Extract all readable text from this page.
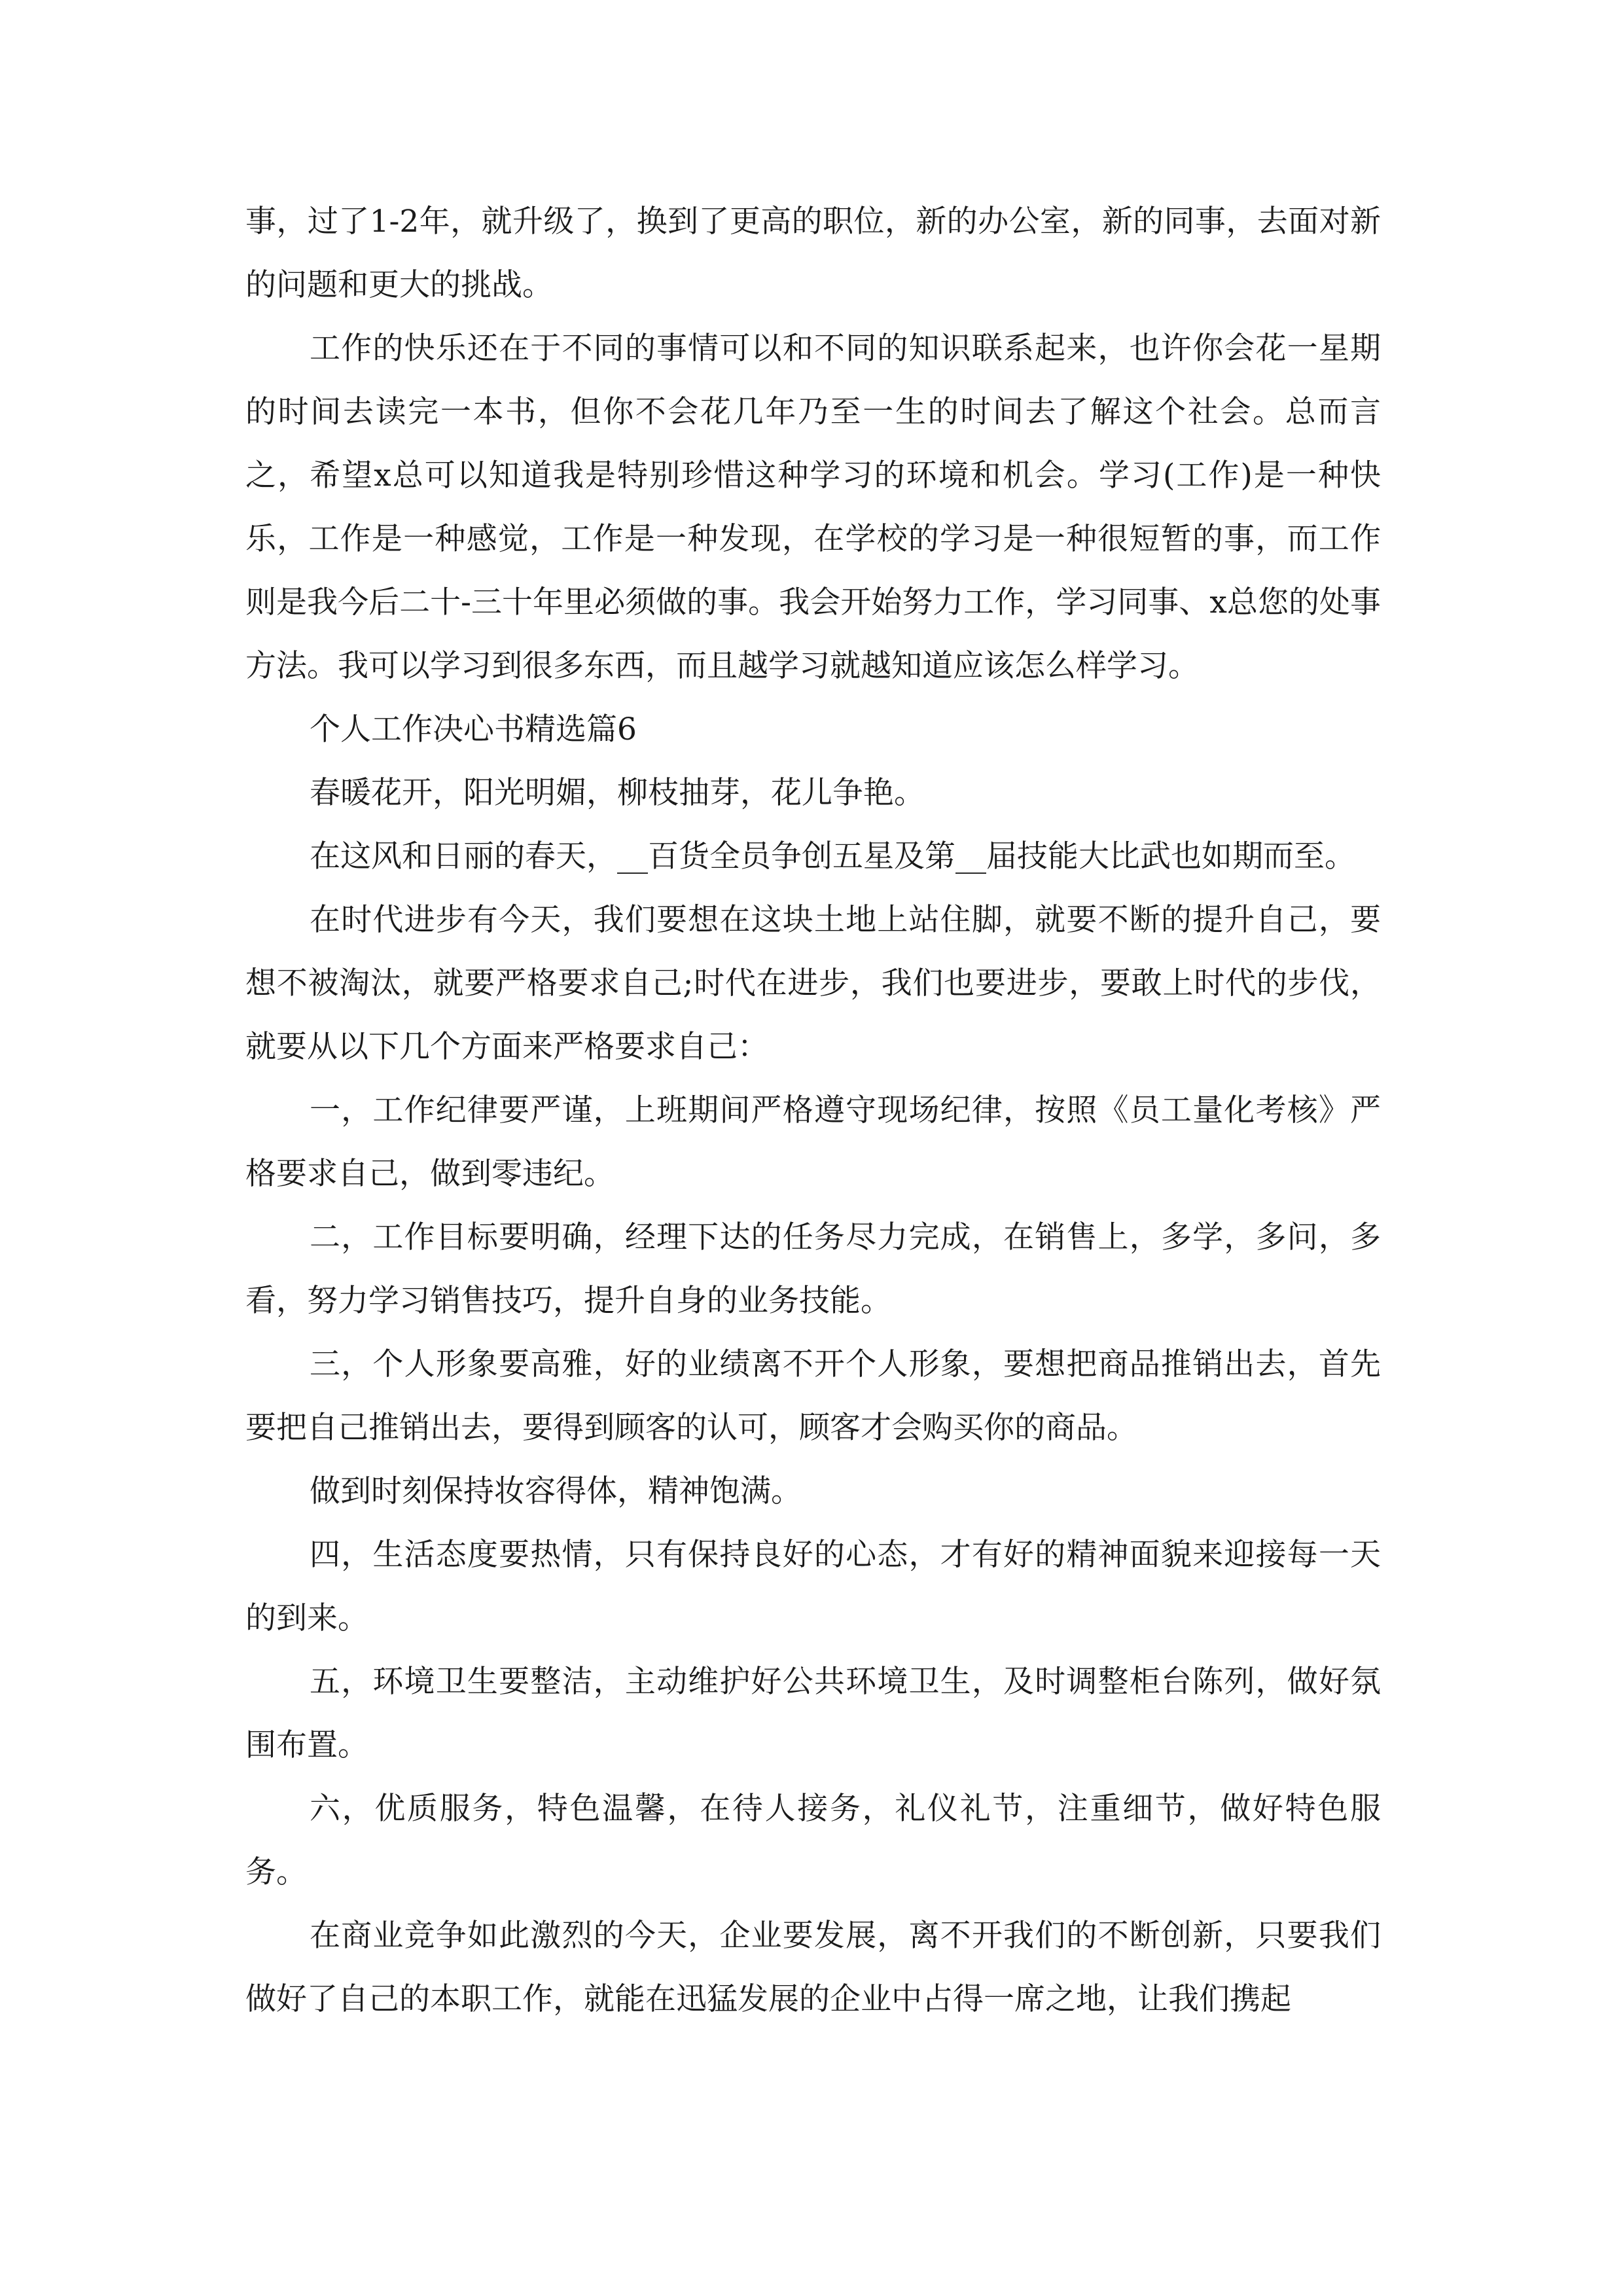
事，过了1-2年，就升级了，换到了更高的职位，新的办公室，新的同事，去面对新的问题和更大的挑战。

工作的快乐还在于不同的事情可以和不同的知识联系起来，也许你会花一星期的时间去读完一本书，但你不会花几年乃至一生的时间去了解这个社会。总而言之，希望x总可以知道我是特别珍惜这种学习的环境和机会。学习(工作)是一种快乐，工作是一种感觉，工作是一种发现，在学校的学习是一种很短暂的事，而工作则是我今后二十-三十年里必须做的事。我会开始努力工作，学习同事、x总您的处事方法。我可以学习到很多东西，而且越学习就越知道应该怎么样学习。

个人工作决心书精选篇6

春暖花开，阳光明媚，柳枝抽芽，花儿争艳。

在这风和日丽的春天，__百货全员争创五星及第__届技能大比武也如期而至。

在时代进步有今天，我们要想在这块土地上站住脚，就要不断的提升自己，要想不被淘汰，就要严格要求自己;时代在进步，我们也要进步，要敢上时代的步伐，就要从以下几个方面来严格要求自己：

一，工作纪律要严谨，上班期间严格遵守现场纪律，按照《员工量化考核》严格要求自己，做到零违纪。

二，工作目标要明确，经理下达的任务尽力完成，在销售上，多学，多问，多看，努力学习销售技巧，提升自身的业务技能。

三，个人形象要高雅，好的业绩离不开个人形象，要想把商品推销出去，首先要把自己推销出去，要得到顾客的认可，顾客才会购买你的商品。

做到时刻保持妆容得体，精神饱满。

四，生活态度要热情，只有保持良好的心态，才有好的精神面貌来迎接每一天的到来。

五，环境卫生要整洁，主动维护好公共环境卫生，及时调整柜台陈列，做好氛围布置。

六，优质服务，特色温馨，在待人接务，礼仪礼节，注重细节，做好特色服务。

在商业竞争如此激烈的今天，企业要发展，离不开我们的不断创新，只要我们做好了自己的本职工作，就能在迅猛发展的企业中占得一席之地，让我们携起
